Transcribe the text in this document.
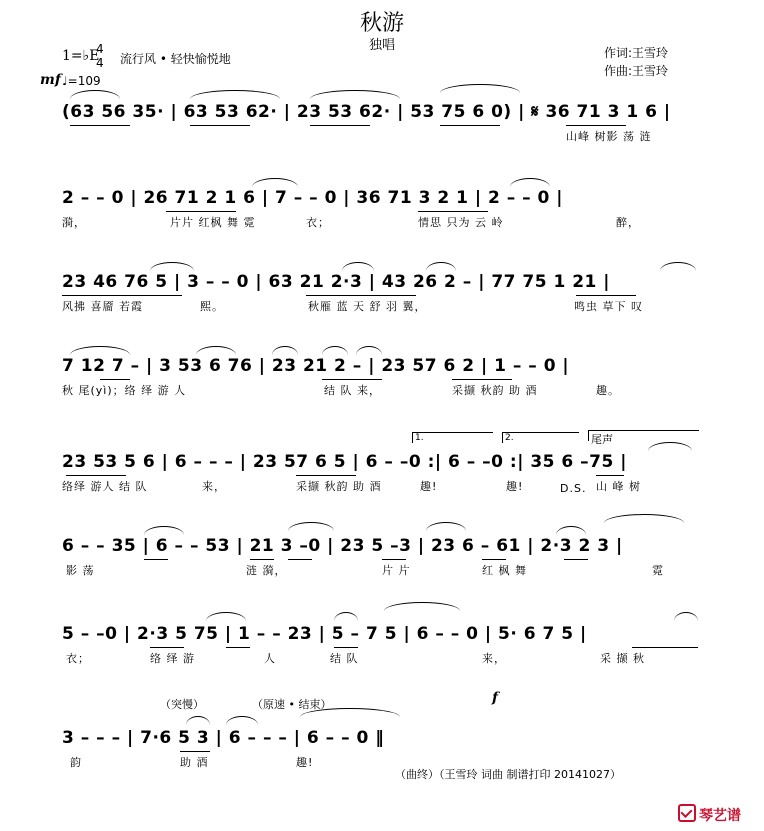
秋游
独唱
1=♭E
4
4 流行风 • 轻快愉悦地	作词:王雪玲
作曲:王雪玲
mf ♩=109
(63 56 35· | 63 53 62· | 23 53 62· | 53 75 6 0) | 𝄋 36 71 3 1 6 |
山峰 树影 荡 涟
2 – – 0 | 26 71 2 1 6 | 7 – – 0 | 36 71 3 2 1 | 2 – – 0 |
漪，	片片 红枫 舞 霓	衣；	情思 只为 云 岭	醉，
23 46 76 5 | 3 – – 0 | 63 21 2·3 | 43 26 2 – | 77 75 1 21 |
风拂 喜靥 若霞	熙。	秋雁 蓝 天 舒 羽 翼，	鸣虫 草下 叹
7 12 7 – | 3 53 6 76 | 23 21 2 – | 23 57 6 2 | 1 – – 0 |
秋 尾(yì)；络 绎 游 人	结 队 来，	采撷 秋韵 助 酒	趣。
1.	2.	尾声
23 53 5 6 | 6 – – – | 23 57 6 5 | 6 – –0 :| 6 – –0 :| 35 6 –75 |
络绎 游人 结 队	来，	采撷 秋韵 助 酒	趣!	趣!	D.S. 山 峰 树
6 – – 35 | 6 – – 53 | 21 3 –0 | 23 5 –3 | 23 6 – 61 | 2·3 2 3 |
影 荡	涟 漪，	片 片	红 枫 舞	霓
5 – –0 | 2·3 5 75 | 1 – – 23 | 5 – 7 5 | 6 – – 0 | 5· 6 7 5 |
衣；	络 绎 游	人	结 队	来，	采 撷 秋
（突慢）	（原速 • 结束）	f
3 – – – | 7·6 5 3 | 6 – – – | 6 – – 0 ‖
韵	助 酒	趣!
（曲终）（王雪玲 词曲 制谱打印 20141027）
琴艺谱
